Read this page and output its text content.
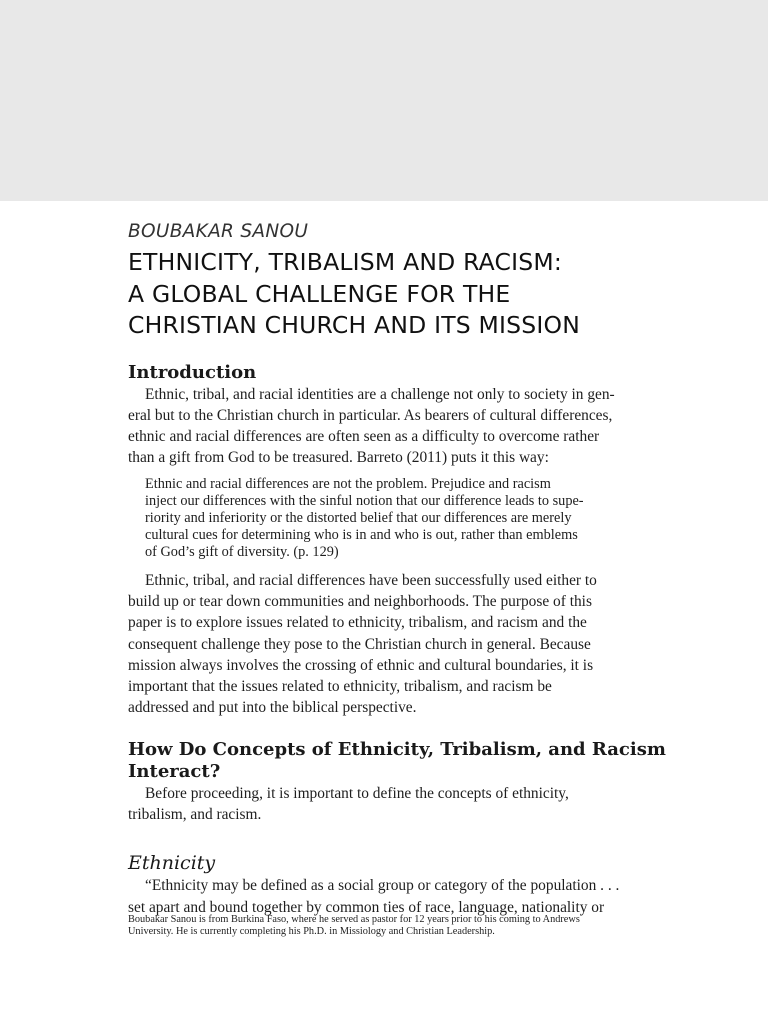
BOUBAKAR SANOU
ETHNICITY, TRIBALISM AND RACISM:
A GLOBAL CHALLENGE FOR THE
CHRISTIAN CHURCH AND ITS MISSION
Introduction

Ethnic, tribal, and racial identities are a challenge not only to society in gen-
eral but to the Christian church in particular. As bearers of cultural differences,
ethnic and racial differences are often seen as a difficulty to overcome rather
than a gift from God to be treasured. Barreto (2011) puts it this way:

Ethnic and racial differences are not the problem. Prejudice and racism
inject our differences with the sinful notion that our difference leads to supe-
riority and inferiority or the distorted belief that our differences are merely
cultural cues for determining who is in and who is out, rather than emblems
of God’s gift of diversity. (p. 129)

Ethnic, tribal, and racial differences have been successfully used either to
build up or tear down communities and neighborhoods. The purpose of this
paper is to explore issues related to ethnicity, tribalism, and racism and the
consequent challenge they pose to the Christian church in general. Because
mission always involves the crossing of ethnic and cultural boundaries, it is
important that the issues related to ethnicity, tribalism, and racism be
addressed and put into the biblical perspective.

How Do Concepts of Ethnicity, Tribalism, and Racism
Interact?

Before proceeding, it is important to define the concepts of ethnicity,
tribalism, and racism.

Ethnicity

“Ethnicity may be defined as a social group or category of the population . . .
set apart and bound together by common ties of race, language, nationality or

Boubakar Sanou is from Burkina Faso, where he served as pastor for 12 years prior to his coming to Andrews
University. He is currently completing his Ph.D. in Missiology and Christian Leadership.
